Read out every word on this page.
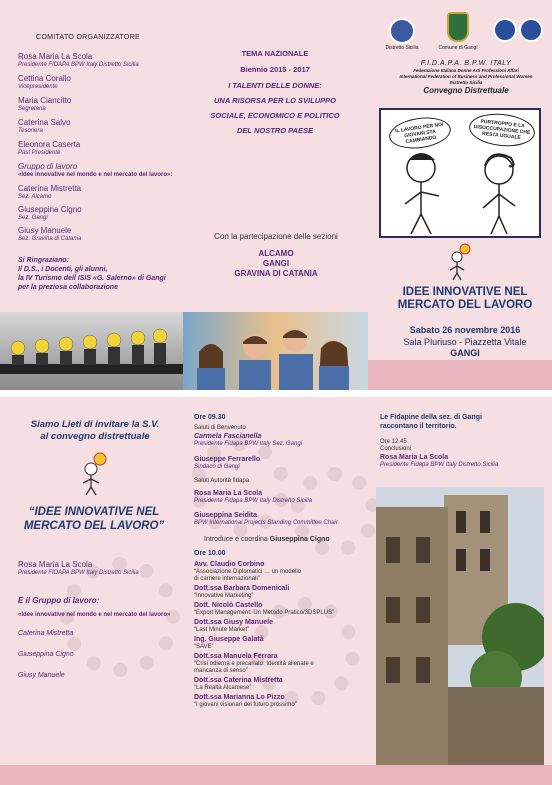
COMITATO ORGANIZZATORE
Rosa Maria La Scola
Presidente FIDAPA BPW Italy Distretto Sicilia
Cettina Corallo
Vicepresidente
Maria Ciancitto
Segretaria
Caterina Salvo
Tesoriera
Eleonora Caserta
Past Presidente
Gruppo di lavoro
«Idee innovative nel mondo e nel mercato del lavoro»:
Caterina Mistretta
Sez. Alcamo
Giuseppina Cigno
Sez. Gangi
Giusy Manuele
Sez. Gravina di Catania
Si Ringraziano:
Il D.S., i Docenti, gli alunni,
la IV Turismo dell ISIS «G. Salerno» di Gangi
per la preziosa collaborazione
TEMA NAZIONALE
Biennio 2015 - 2017
I TALENTI DELLE DONNE:
UNA RISORSA PER LO SVILUPPO
SOCIALE, ECONOMICO E POLITICO
DEL NOSTRO PAESE
Con la partecipazione delle sezioni
ALCAMO
GANGI
GRAVINA DI CATANIA
Distretto Sicilia	Comune di Gangi
F.I.D.A.P.A. B.P.W. ITALY
Federazione Italiana Donne Arti Professioni Affari
International Federation of Business and Professional Women
Distretto Sicilia
Convegno Distrettuale
IL LAVORO PER NOI GIOVANI STA CAMBIANDO
PURTROPPO E LA DISOCCUPAZIONE CHE RESTA UGUALE
IDEE INNOVATIVE NEL
MERCATO DEL LAVORO
Sabato 26 novembre 2016
Sala Pluriuso - Piazzetta Vitale
GANGI
Siamo Lieti di invitare la S.V.
al convegno distrettuale
“IDEE INNOVATIVE NEL
MERCATO DEL LAVORO”
Rosa Maria La Scola
Presidente FIDAPA BPW Italy Distretto Sicilia
E il Gruppo di lavoro:
«Idee innovative nel mondo e nel mercato del lavoro»
Caterina Mistretta
Giuseppina Cigno
Giusy Manuele
Ore 09.30
Saluti di Benvenuto
Carmela Fascianella
Presidente Fidapa BPW Italy Sez. Gangi
Giuseppe Ferrarello
Sindaco di Gangi
Saluti Autorità fidapa
Rosa Maria La Scola
Presidente Fidapa BPW Italy Distretto Sicilia
Giuseppina Seidita
BPW International Projects Standing Committee Chair
Introduce e coordina Giuseppina Cigno
Ore 10.00
Avv. Claudio Corbino
“Associazione Diplomatici … un modello
di carriere internazionali”
Dott.ssa Barbara Domenicali
“Innovative Marketing”
Dott. Nicolò Castello
“Export Management: Un Metodo Pratico/3DSPLUS”
Dott.ssa Giusy Manuele
“Last Minute Market”
Ing. Giuseppe Galatà
“SAVE”
Dott.ssa Manuela Ferrara
“Crisi odierna e precariato: Identità alienate e
mancanza di senso”
Dott.ssa Caterina Mistretta
“La Realtà Alcamese”
Dott.ssa Marianna Lo Pizzo
“I giovani visionari del futuro prossimo”
Le Fidapine della sez. di Gangi
raccontano il territorio.
Ore 12.45
Conclusioni
Rosa Maria La Scola
Presidente Fidapa BPW Italy Distretto Sicilia
